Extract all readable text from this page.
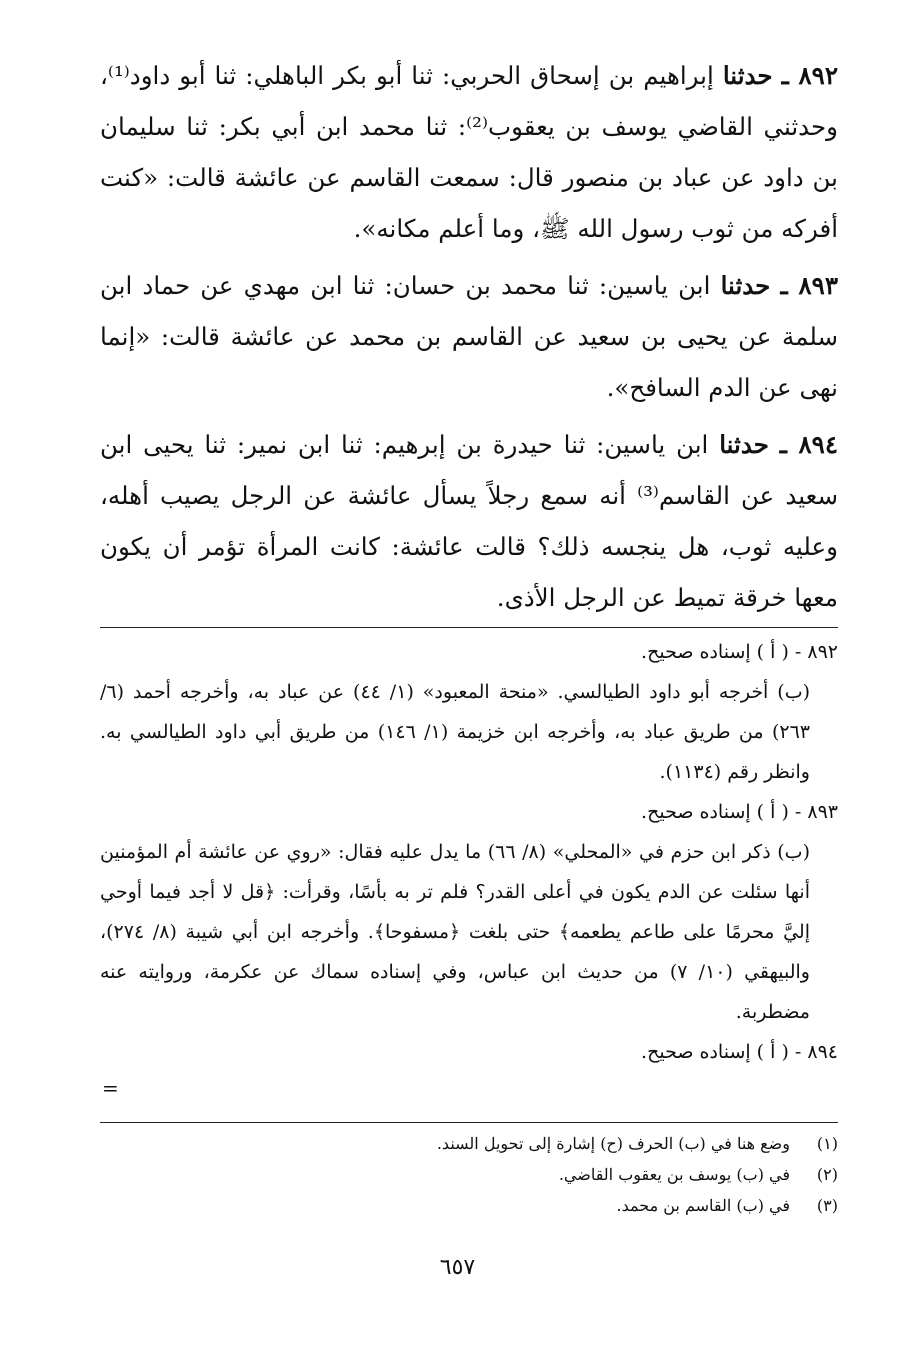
٨٩٢ ـ حدثنا إبراهيم بن إسحاق الحربي: ثنا أبو بكر الباهلي: ثنا أبو داود⁽¹⁾، وحدثني القاضي يوسف بن يعقوب⁽²⁾: ثنا محمد ابن أبي بكر: ثنا سليمان بن داود عن عباد بن منصور قال: سمعت القاسم عن عائشة قالت: «كنت أفركه من ثوب رسول الله ﷺ، وما أعلم مكانه».

٨٩٣ ـ حدثنا ابن ياسين: ثنا محمد بن حسان: ثنا ابن مهدي عن حماد ابن سلمة عن يحيى بن سعيد عن القاسم بن محمد عن عائشة قالت: «إنما نهى عن الدم السافح».

٨٩٤ ـ حدثنا ابن ياسين: ثنا حيدرة بن إبرهيم: ثنا ابن نمير: ثنا يحيى ابن سعيد عن القاسم⁽³⁾ أنه سمع رجلاً يسأل عائشة عن الرجل يصيب أهله، وعليه ثوب، هل ينجسه ذلك؟ قالت عائشة: كانت المرأة تؤمر أن يكون معها خرقة تميط عن الرجل الأذى.

٨٩٢ - ( أ ) إسناده صحيح.

(ب) أخرجه أبو داود الطيالسي. «منحة المعبود» (١/ ٤٤) عن عباد به، وأخرجه أحمد (٦/ ٢٦٣) من طريق عباد به، وأخرجه ابن خزيمة (١/ ١٤٦) من طريق أبي داود الطيالسي به. وانظر رقم (١١٣٤).

٨٩٣ - ( أ ) إسناده صحيح.

(ب) ذكر ابن حزم في «المحلي» (٨/ ٦٦) ما يدل عليه فقال: «روي عن عائشة أم المؤمنين أنها سئلت عن الدم يكون في أعلى القدر؟ فلم تر به بأسًا، وقرأت: ﴿قل لا أجد فيما أوحي إليَّ محرمًا على طاعم يطعمه﴾ حتى بلغت ﴿مسفوحا﴾. وأخرجه ابن أبي شيبة (٨/ ٢٧٤)، والبيهقي (١٠/ ٧) من حديث ابن عباس، وفي إسناده سماك عن عكرمة، وروايته عنه مضطربة.

٨٩٤ - ( أ ) إسناده صحيح.

=
(١)
وضع هنا في (ب) الحرف (ح) إشارة إلى تحويل السند.
(٢)
في (ب) يوسف بن يعقوب القاضي.
(٣)
في (ب) القاسم بن محمد.
٦٥٧
